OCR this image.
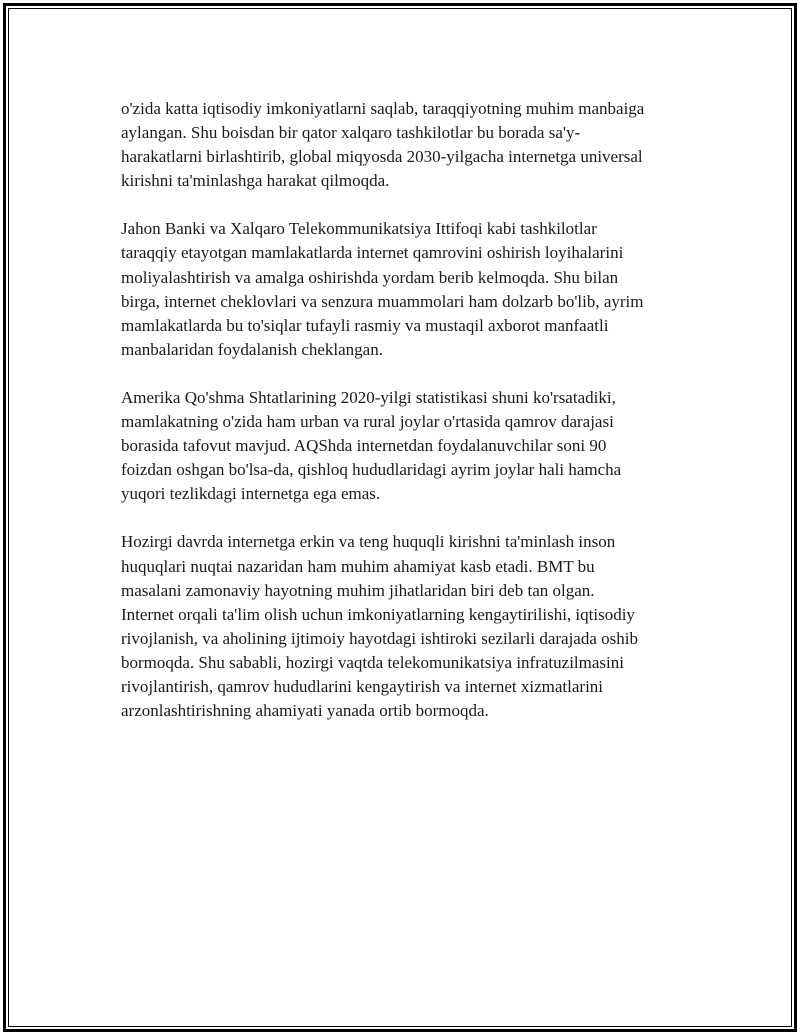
o'zida katta iqtisodiy imkoniyatlarni saqlab, taraqqiyotning muhim manbaiga
aylangan. Shu boisdan bir qator xalqaro tashkilotlar bu borada sa'y-
harakatlarni birlashtirib, global miqyosda 2030-yilgacha internetga universal
kirishni ta'minlashga harakat qilmoqda.

Jahon Banki va Xalqaro Telekommunikatsiya Ittifoqi kabi tashkilotlar
taraqqiy etayotgan mamlakatlarda internet qamrovini oshirish loyihalarini
moliyalashtirish va amalga oshirishda yordam berib kelmoqda. Shu bilan
birga, internet cheklovlari va senzura muammolari ham dolzarb bo'lib, ayrim
mamlakatlarda bu to'siqlar tufayli rasmiy va mustaqil axborot manfaatli
manbalaridan foydalanish cheklangan.

Amerika Qo'shma Shtatlarining 2020-yilgi statistikasi shuni ko'rsatadiki,
mamlakatning o'zida ham urban va rural joylar o'rtasida qamrov darajasi
borasida tafovut mavjud. AQShda internetdan foydalanuvchilar soni 90
foizdan oshgan bo'lsa-da, qishloq hududlaridagi ayrim joylar hali hamcha
yuqori tezlikdagi internetga ega emas.

Hozirgi davrda internetga erkin va teng huquqli kirishni ta'minlash inson
huquqlari nuqtai nazaridan ham muhim ahamiyat kasb etadi. BMT bu
masalani zamonaviy hayotning muhim jihatlaridan biri deb tan olgan.
Internet orqali ta'lim olish uchun imkoniyatlarning kengaytirilishi, iqtisodiy
rivojlanish, va aholining ijtimoiy hayotdagi ishtiroki sezilarli darajada oshib
bormoqda. Shu sababli, hozirgi vaqtda telekomunikatsiya infratuzilmasini
rivojlantirish, qamrov hududlarini kengaytirish va internet xizmatlarini
arzonlashtirishning ahamiyati yanada ortib bormoqda.
